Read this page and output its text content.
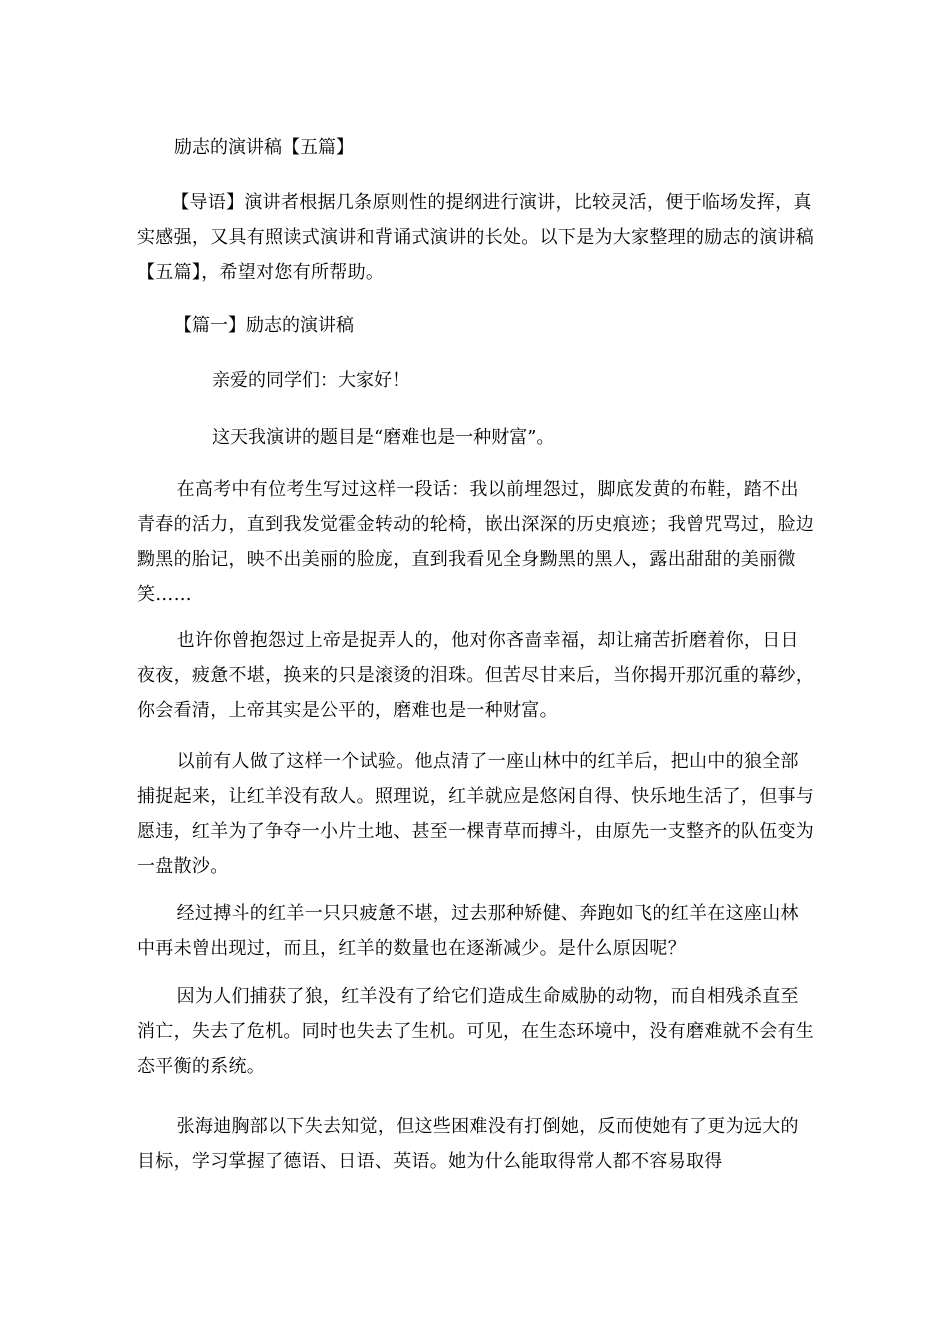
励志的演讲稿【五篇】

【导语】演讲者根据几条原则性的提纲进行演讲，比较灵活，便于临场发挥，真实感强，又具有照读式演讲和背诵式演讲的长处。以下是为大家整理的励志的演讲稿【五篇】，希望对您有所帮助。

【篇一】励志的演讲稿
亲爱的同学们：大家好！
这天我演讲的题目是“磨难也是一种财富”。

在高考中有位考生写过这样一段话：我以前埋怨过，脚底发黄的布鞋，踏不出青春的活力，直到我发觉霍金转动的轮椅，嵌出深深的历史痕迹；我曾咒骂过，脸边黝黑的胎记，映不出美丽的脸庞，直到我看见全身黝黑的黑人，露出甜甜的美丽微笑……

也许你曾抱怨过上帝是捉弄人的，他对你吝啬幸福，却让痛苦折磨着你，日日夜夜，疲惫不堪，换来的只是滚烫的泪珠。但苦尽甘来后，当你揭开那沉重的幕纱，你会看清，上帝其实是公平的，磨难也是一种财富。

以前有人做了这样一个试验。他点清了一座山林中的红羊后，把山中的狼全部捕捉起来，让红羊没有敌人。照理说，红羊就应是悠闲自得、快乐地生活了，但事与愿违，红羊为了争夺一小片土地、甚至一棵青草而搏斗，由原先一支整齐的队伍变为一盘散沙。

经过搏斗的红羊一只只疲惫不堪，过去那种矫健、奔跑如飞的红羊在这座山林中再未曾出现过，而且，红羊的数量也在逐渐减少。是什么原因呢？

因为人们捕获了狼，红羊没有了给它们造成生命威胁的动物，而自相残杀直至消亡，失去了危机。同时也失去了生机。可见，在生态环境中，没有磨难就不会有生态平衡的系统。

张海迪胸部以下失去知觉，但这些困难没有打倒她，反而使她有了更为远大的目标，学习掌握了德语、日语、英语。她为什么能取得常人都不容易取得
